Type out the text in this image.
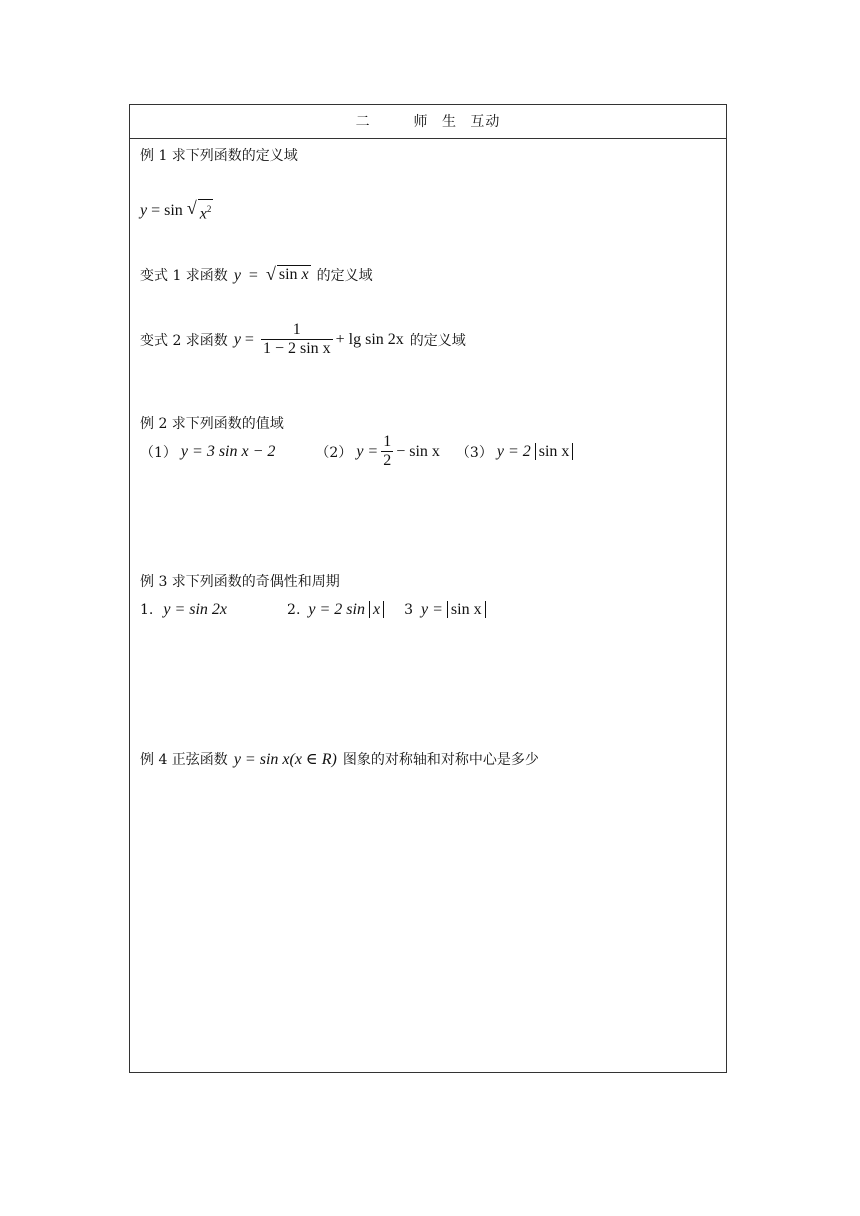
二	师 生 互动
例 1 求下列函数的定义域
y = sin √ $x^2$
变式 1 求函数 y = √ sin x 的定义域
变式 2 求函数 $y = \frac{1}{\text{1 − 2 sin x}} + \lg \sin 2x$ 的定义域
例 2 求下列函数的值域
（1） y = 3 sin x − 2	（2） $y = \frac{1}{2} - \sin x$ （3） y = 2 sin x
例 3 求下列函数的奇偶性和周期
1. y = sin 2x	2. y = 2 sin x 3 y = sin x
例 4 正弦函数 y = sin x(x ∈ R) 图象的对称轴和对称中心是多少
